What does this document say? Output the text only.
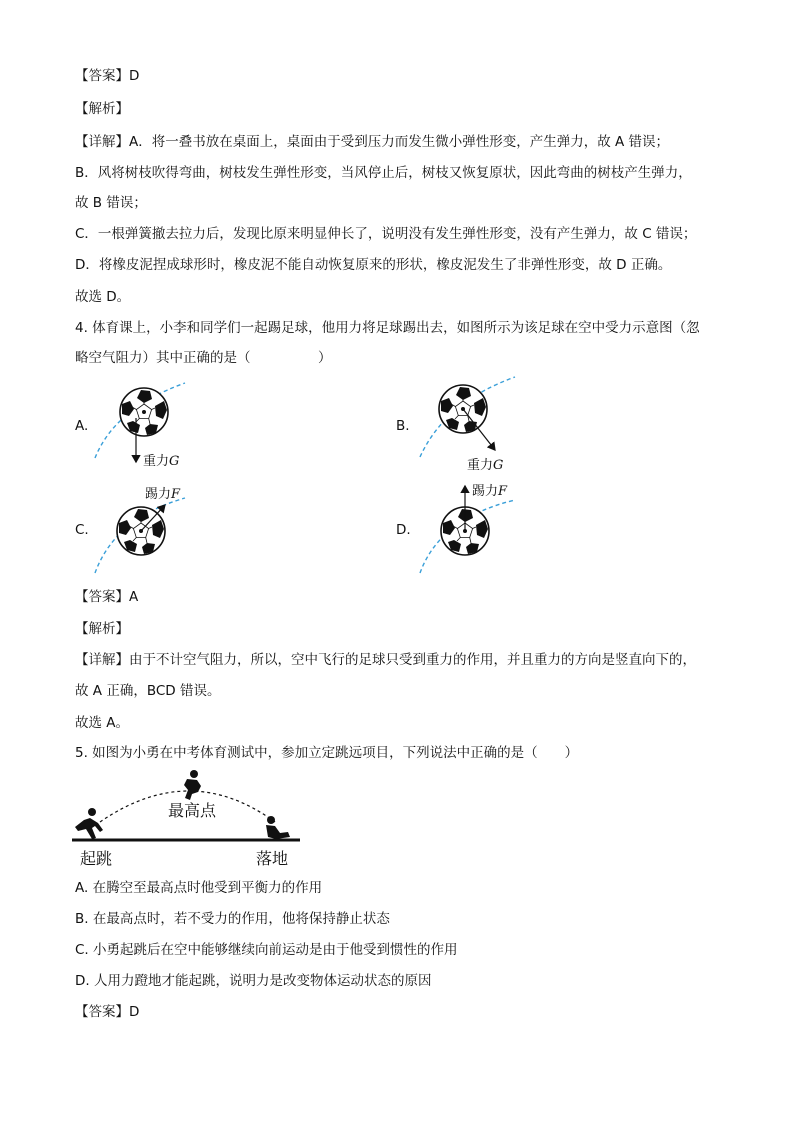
【答案】D
【解析】
【详解】A．将一叠书放在桌面上，桌面由于受到压力而发生微小弹性形变，产生弹力，故 A 错误；
B．风将树枝吹得弯曲，树枝发生弹性形变，当风停止后，树枝又恢复原状，因此弯曲的树枝产生弹力，
故 B 错误；
C．一根弹簧撤去拉力后，发现比原来明显伸长了，说明没有发生弹性形变，没有产生弹力，故 C 错误；
D．将橡皮泥捏成球形时，橡皮泥不能自动恢复原来的形状，橡皮泥发生了非弹性形变，故 D 正确。
故选 D。
4. 体育课上，小李和同学们一起踢足球，他用力将足球踢出去，如图所示为该足球在空中受力示意图（忽
略空气阻力）其中正确的是（　　　　　）
A.	B.
C.	D.
重力G	重力G
踢力F	踢力F
【答案】A
【解析】
【详解】由于不计空气阻力，所以，空中飞行的足球只受到重力的作用，并且重力的方向是竖直向下的，
故 A 正确，BCD 错误。
故选 A。
5. 如图为小勇在中考体育测试中，参加立定跳远项目，下列说法中正确的是（　　）
最高点
起跳	落地
A. 在腾空至最高点时他受到平衡力的作用
B. 在最高点时，若不受力的作用，他将保持静止状态
C. 小勇起跳后在空中能够继续向前运动是由于他受到惯性的作用
D. 人用力蹬地才能起跳，说明力是改变物体运动状态的原因
【答案】D
